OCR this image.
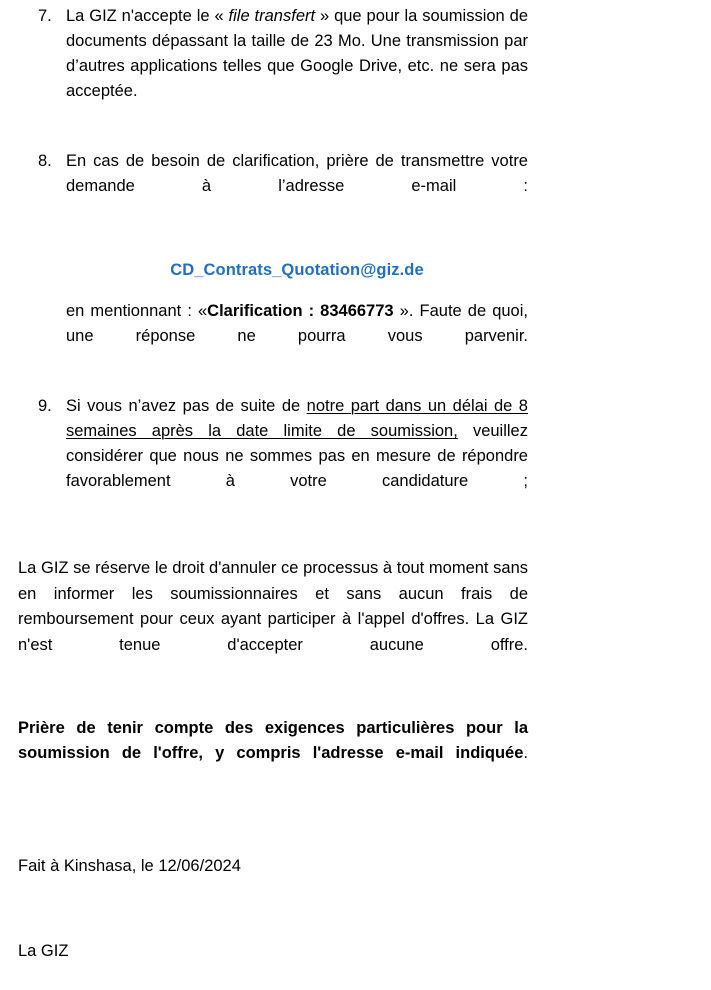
7. La GIZ n'accepte le « file transfert » que pour la soumission de documents dépassant la taille de 23 Mo. Une transmission par d’autres applications telles que Google Drive, etc. ne sera pas acceptée.
8. En cas de besoin de clarification, prière de transmettre votre demande à l’adresse e-mail :
CD_Contrats_Quotation@giz.de

en mentionnant : «Clarification : 83466773 ». Faute de quoi, une réponse ne pourra vous parvenir.

9. Si vous n’avez pas de suite de notre part dans un délai de 8 semaines après la date limite de soumission, veuillez considérer que nous ne sommes pas en mesure de répondre favorablement à votre candidature ;

La GIZ se réserve le droit d'annuler ce processus à tout moment sans en informer les soumissionnaires et sans aucun frais de remboursement pour ceux ayant participer à l'appel d'offres. La GIZ n'est tenue d'accepter aucune offre.

Prière de tenir compte des exigences particulières pour la soumission de l'offre, y compris l'adresse e-mail indiquée.

Fait à Kinshasa, le 12/06/2024

La GIZ
